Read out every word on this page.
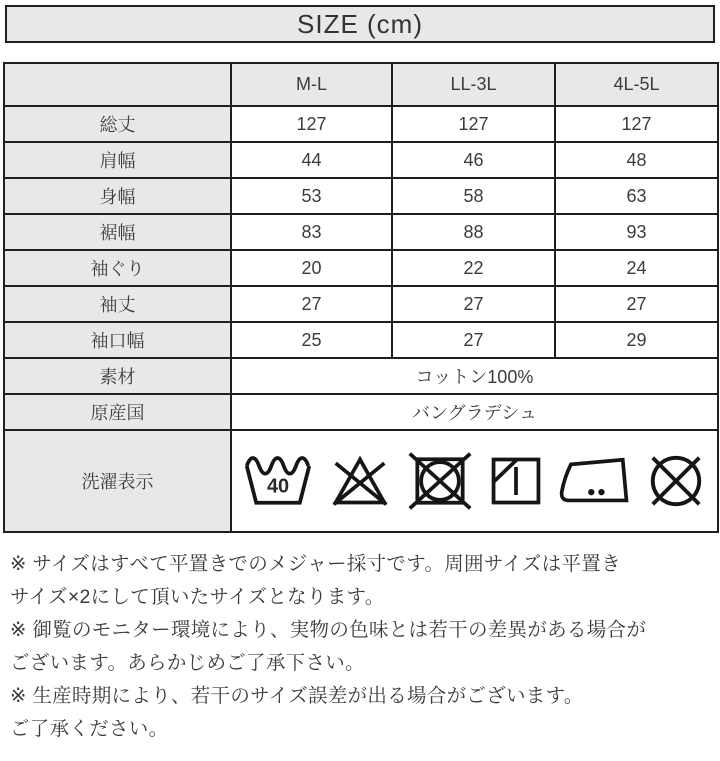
SIZE (cm)
	M-L	LL-3L	4L-5L
総丈	127	127	127
肩幅	44	46	48
身幅	53	58	63
裾幅	83	88	93
袖ぐり	20	22	24
袖丈	27	27	27
袖口幅	25	27	29
素材	コットン100%		
原産国	バングラデシュ		
洗濯表示	40		
※ サイズはすべて平置きでのメジャー採寸です。周囲サイズは平置き
サイズ×2にして頂いたサイズとなります。
※ 御覧のモニター環境により、実物の色味とは若干の差異がある場合が
ございます。あらかじめご了承下さい。
※ 生産時期により、若干のサイズ誤差が出る場合がございます。
ご了承ください。
